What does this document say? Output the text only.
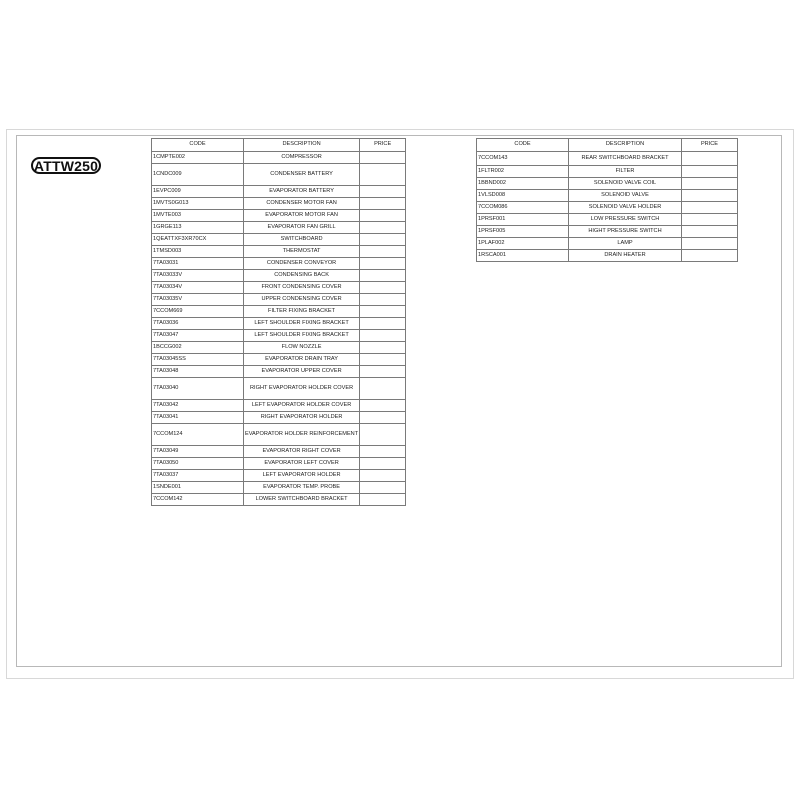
ATTW250
CODE	DESCRIPTION	PRICE
1CMPTE002	COMPRESSOR	
1CNDC009	CONDENSER BATTERY	
1EVPC009	EVAPORATOR BATTERY	
1MVTS0G013	CONDENSER MOTOR FAN	
1MVTE003	EVAPORATOR MOTOR FAN	
1GRGE113	EVAPORATOR FAN GRILL	
1QEATTXF3XR70CX	SWITCHBOARD	
1TMSD003	THERMOSTAT	
7TA03031	CONDENSER CONVEYOR	
7TA03033V	CONDENSING BACK	
7TA03034V	FRONT CONDENSING COVER	
7TA03035V	UPPER CONDENSING COVER	
7CCOM669	FILTER FIXING BRACKET	
7TA03036	LEFT SHOULDER FIXING BRACKET	
7TA03047	LEFT SHOULDER FIXING BRACKET	
1BCCG002	FLOW NOZZLE	
7TA03045SS	EVAPORATOR DRAIN TRAY	
7TA03048	EVAPORATOR UPPER COVER	
7TA03040	RIGHT EVAPORATOR HOLDER COVER	
7TA03042	LEFT EVAPORATOR HOLDER COVER	
7TA03041	RIGHT EVAPORATOR HOLDER	
7CCOM124	EVAPORATOR HOLDER REINFORCEMENT	
7TA03049	EVAPORATOR RIGHT COVER	
7TA03050	EVAPORATOR LEFT COVER	
7TA03037	LEFT EVAPORATOR HOLDER	
1SNDE001	EVAPORATOR TEMP. PROBE	
7CCOM142	LOWER SWITCHBOARD BRACKET	
CODE	DESCRIPTION	PRICE
7CCOM143	REAR SWITCHBOARD BRACKET	
1FLTR002	FILTER	
1BBND002	SOLENOID VALVE COIL	
1VLSD008	SOLENOID VALVE	
7CCOM086	SOLENOID VALVE HOLDER	
1PRSF001	LOW PRESSURE SWITCH	
1PRSF005	HIGHT PRESSURE SWITCH	
1PLAF002	LAMP	
1RSCA001	DRAIN HEATER	
